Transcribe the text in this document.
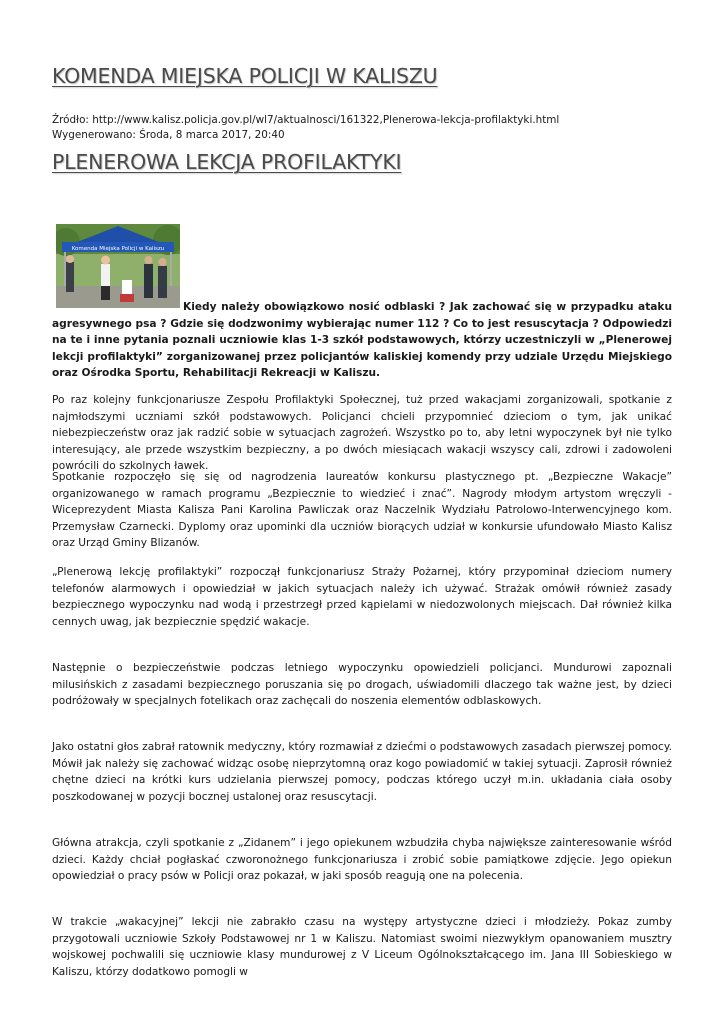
KOMENDA MIEJSKA POLICJI W KALISZU
Źródło: http://www.kalisz.policja.gov.pl/wl7/aktualnosci/161322,Plenerowa-lekcja-profilaktyki.html
Wygenerowano: Środa, 8 marca 2017, 20:40
PLENEROWA LEKCJA PROFILAKTYKI
Komenda Miejska Policji w Kaliszu

Kiedy należy obowiązkowo nosić odblaski ? Jak zachować się w przypadku ataku agresywnego psa ? Gdzie się dodzwonimy wybierając numer 112 ? Co to jest resuscytacja ? Odpowiedzi na te i inne pytania poznali uczniowie klas 1-3 szkół podstawowych, którzy uczestniczyli w „Plenerowej lekcji profilaktyki” zorganizowanej przez policjantów kaliskiej komendy przy udziale Urzędu Miejskiego oraz Ośrodka Sportu, Rehabilitacji Rekreacji w Kaliszu.

Po raz kolejny funkcjonariusze Zespołu Profilaktyki Społecznej, tuż przed wakacjami zorganizowali, spotkanie z najmłodszymi uczniami szkół podstawowych. Policjanci chcieli przypomnieć dzieciom o tym, jak unikać niebezpieczeństw oraz jak radzić sobie w sytuacjach zagrożeń. Wszystko po to, aby letni wypoczynek był nie tylko interesujący, ale przede wszystkim bezpieczny, a po dwóch miesiącach wakacji wszyscy cali, zdrowi i zadowoleni powrócili do szkolnych ławek.

Spotkanie rozpoczęło się się od nagrodzenia laureatów konkursu plastycznego pt. „Bezpieczne Wakacje” organizowanego w ramach programu „Bezpiecznie to wiedzieć i znać”. Nagrody młodym artystom wręczyli - Wiceprezydent Miasta Kalisza Pani Karolina Pawliczak oraz Naczelnik Wydziału Patrolowo-Interwencyjnego kom. Przemysław Czarnecki. Dyplomy oraz upominki dla uczniów biorących udział w konkursie ufundowało Miasto Kalisz oraz Urząd Gminy Blizanów.

„Plenerową lekcję profilaktyki” rozpoczął funkcjonariusz Straży Pożarnej, który przypominał dzieciom numery telefonów alarmowych i opowiedział w jakich sytuacjach należy ich używać. Strażak omówił również zasady bezpiecznego wypoczynku nad wodą i przestrzegł przed kąpielami w niedozwolonych miejscach. Dał również kilka cennych uwag, jak bezpiecznie spędzić wakacje.

Następnie o bezpieczeństwie podczas letniego wypoczynku opowiedzieli policjanci. Mundurowi zapoznali milusińskich z zasadami bezpiecznego poruszania się po drogach, uświadomili dlaczego tak ważne jest, by dzieci podróżowały w specjalnych fotelikach oraz zachęcali do noszenia elementów odblaskowych.

Jako ostatni głos zabrał ratownik medyczny, który rozmawiał z dziećmi o podstawowych zasadach pierwszej pomocy. Mówił jak należy się zachować widząc osobę nieprzytomną oraz kogo powiadomić w takiej sytuacji. Zaprosił również chętne dzieci na krótki kurs udzielania pierwszej pomocy, podczas którego uczył m.in. układania ciała osoby poszkodowanej w pozycji bocznej ustalonej oraz resuscytacji.

Główna atrakcja, czyli spotkanie z „Zidanem” i jego opiekunem wzbudziła chyba największe zainteresowanie wśród dzieci. Każdy chciał pogłaskać czworonożnego funkcjonariusza i zrobić sobie pamiątkowe zdjęcie. Jego opiekun opowiedział o pracy psów w Policji oraz pokazał, w jaki sposób reagują one na polecenia.

W trakcie „wakacyjnej” lekcji nie zabrakło czasu na występy artystyczne dzieci i młodzieży. Pokaz zumby przygotowali uczniowie Szkoły Podstawowej nr 1 w Kaliszu. Natomiast swoimi niezwykłym opanowaniem musztry wojskowej pochwalili się uczniowie klasy mundurowej z V Liceum Ogólnokształcącego im. Jana III Sobieskiego w Kaliszu, którzy dodatkowo pomogli w
